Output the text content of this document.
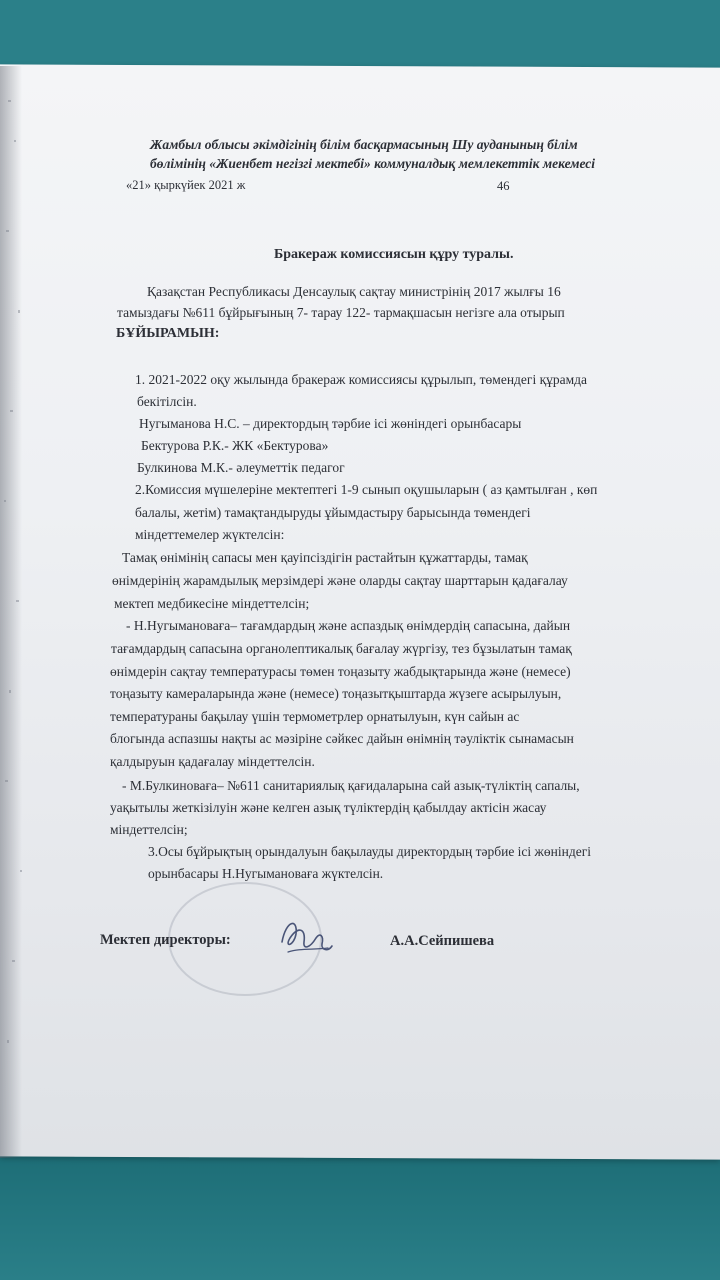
Жамбыл облысы әкімдігінің білім басқармасының Шу ауданының білім
бөлімінің «Жиенбет негізгі мектебі» коммуналдық мемлекеттік мекемесі
«21» қыркүйек 2021 ж	46
Бракераж комиссиясын құру туралы.
Қазақстан Республикасы Денсаулық сақтау министрінің 2017 жылғы 16
тамыздағы №611 бұйрығының 7- тарау 122- тармақшасын негізге ала отырып
БҰЙЫРАМЫН:
1. 2021-2022 оқу жылында бракераж комиссиясы құрылып, төмендегі құрамда
бекітілсін.
Нугыманова Н.С. – директордың тәрбие ісі жөніндегі орынбасары
Бектурова Р.К.- ЖК «Бектурова»
Булкинова М.К.- әлеуметтік педагог
2.Комиссия мүшелеріне мектептегі 1-9 сынып оқушыларын ( аз қамтылған , көп
балалы, жетім) тамақтандыруды ұйымдастыру барысында төмендегі
міндеттемелер жүктелсін:
Тамақ өнімінің сапасы мен қауіпсіздігін растайтын құжаттарды, тамақ
өнімдерінің жарамдылық мерзімдері және оларды сақтау шарттарын қадағалау
мектеп медбикесіне міндеттелсін;
- Н.Нугымановаға– тағамдардың және аспаздық өнімдердің сапасына, дайын
тағамдардың сапасына органолептикалық бағалау жүргізу, тез бұзылатын тамақ
өнімдерін сақтау температурасы төмен тоңазыту жабдықтарында және (немесе)
тоңазыту камераларында және (немесе) тоңазытқыштарда жүзеге асырылуын,
температураны бақылау үшін термометрлер орнатылуын, күн сайын ас
блогында аспазшы нақты ас мәзіріне сәйкес дайын өнімнің тәуліктік сынамасын
қалдыруын қадағалау міндеттелсін.
- М.Булкиноваға– №611 санитариялық қағидаларына сай азық-түліктің сапалы,
уақытылы жеткізілуін және келген азық түліктердің қабылдау актісін жасау
міндеттелсін;
3.Осы бұйрықтың орындалуын бақылауды директордың тәрбие ісі жөніндегі
орынбасары Н.Нугымановаға жүктелсін.
Мектеп директоры:	А.А.Сейпишева
